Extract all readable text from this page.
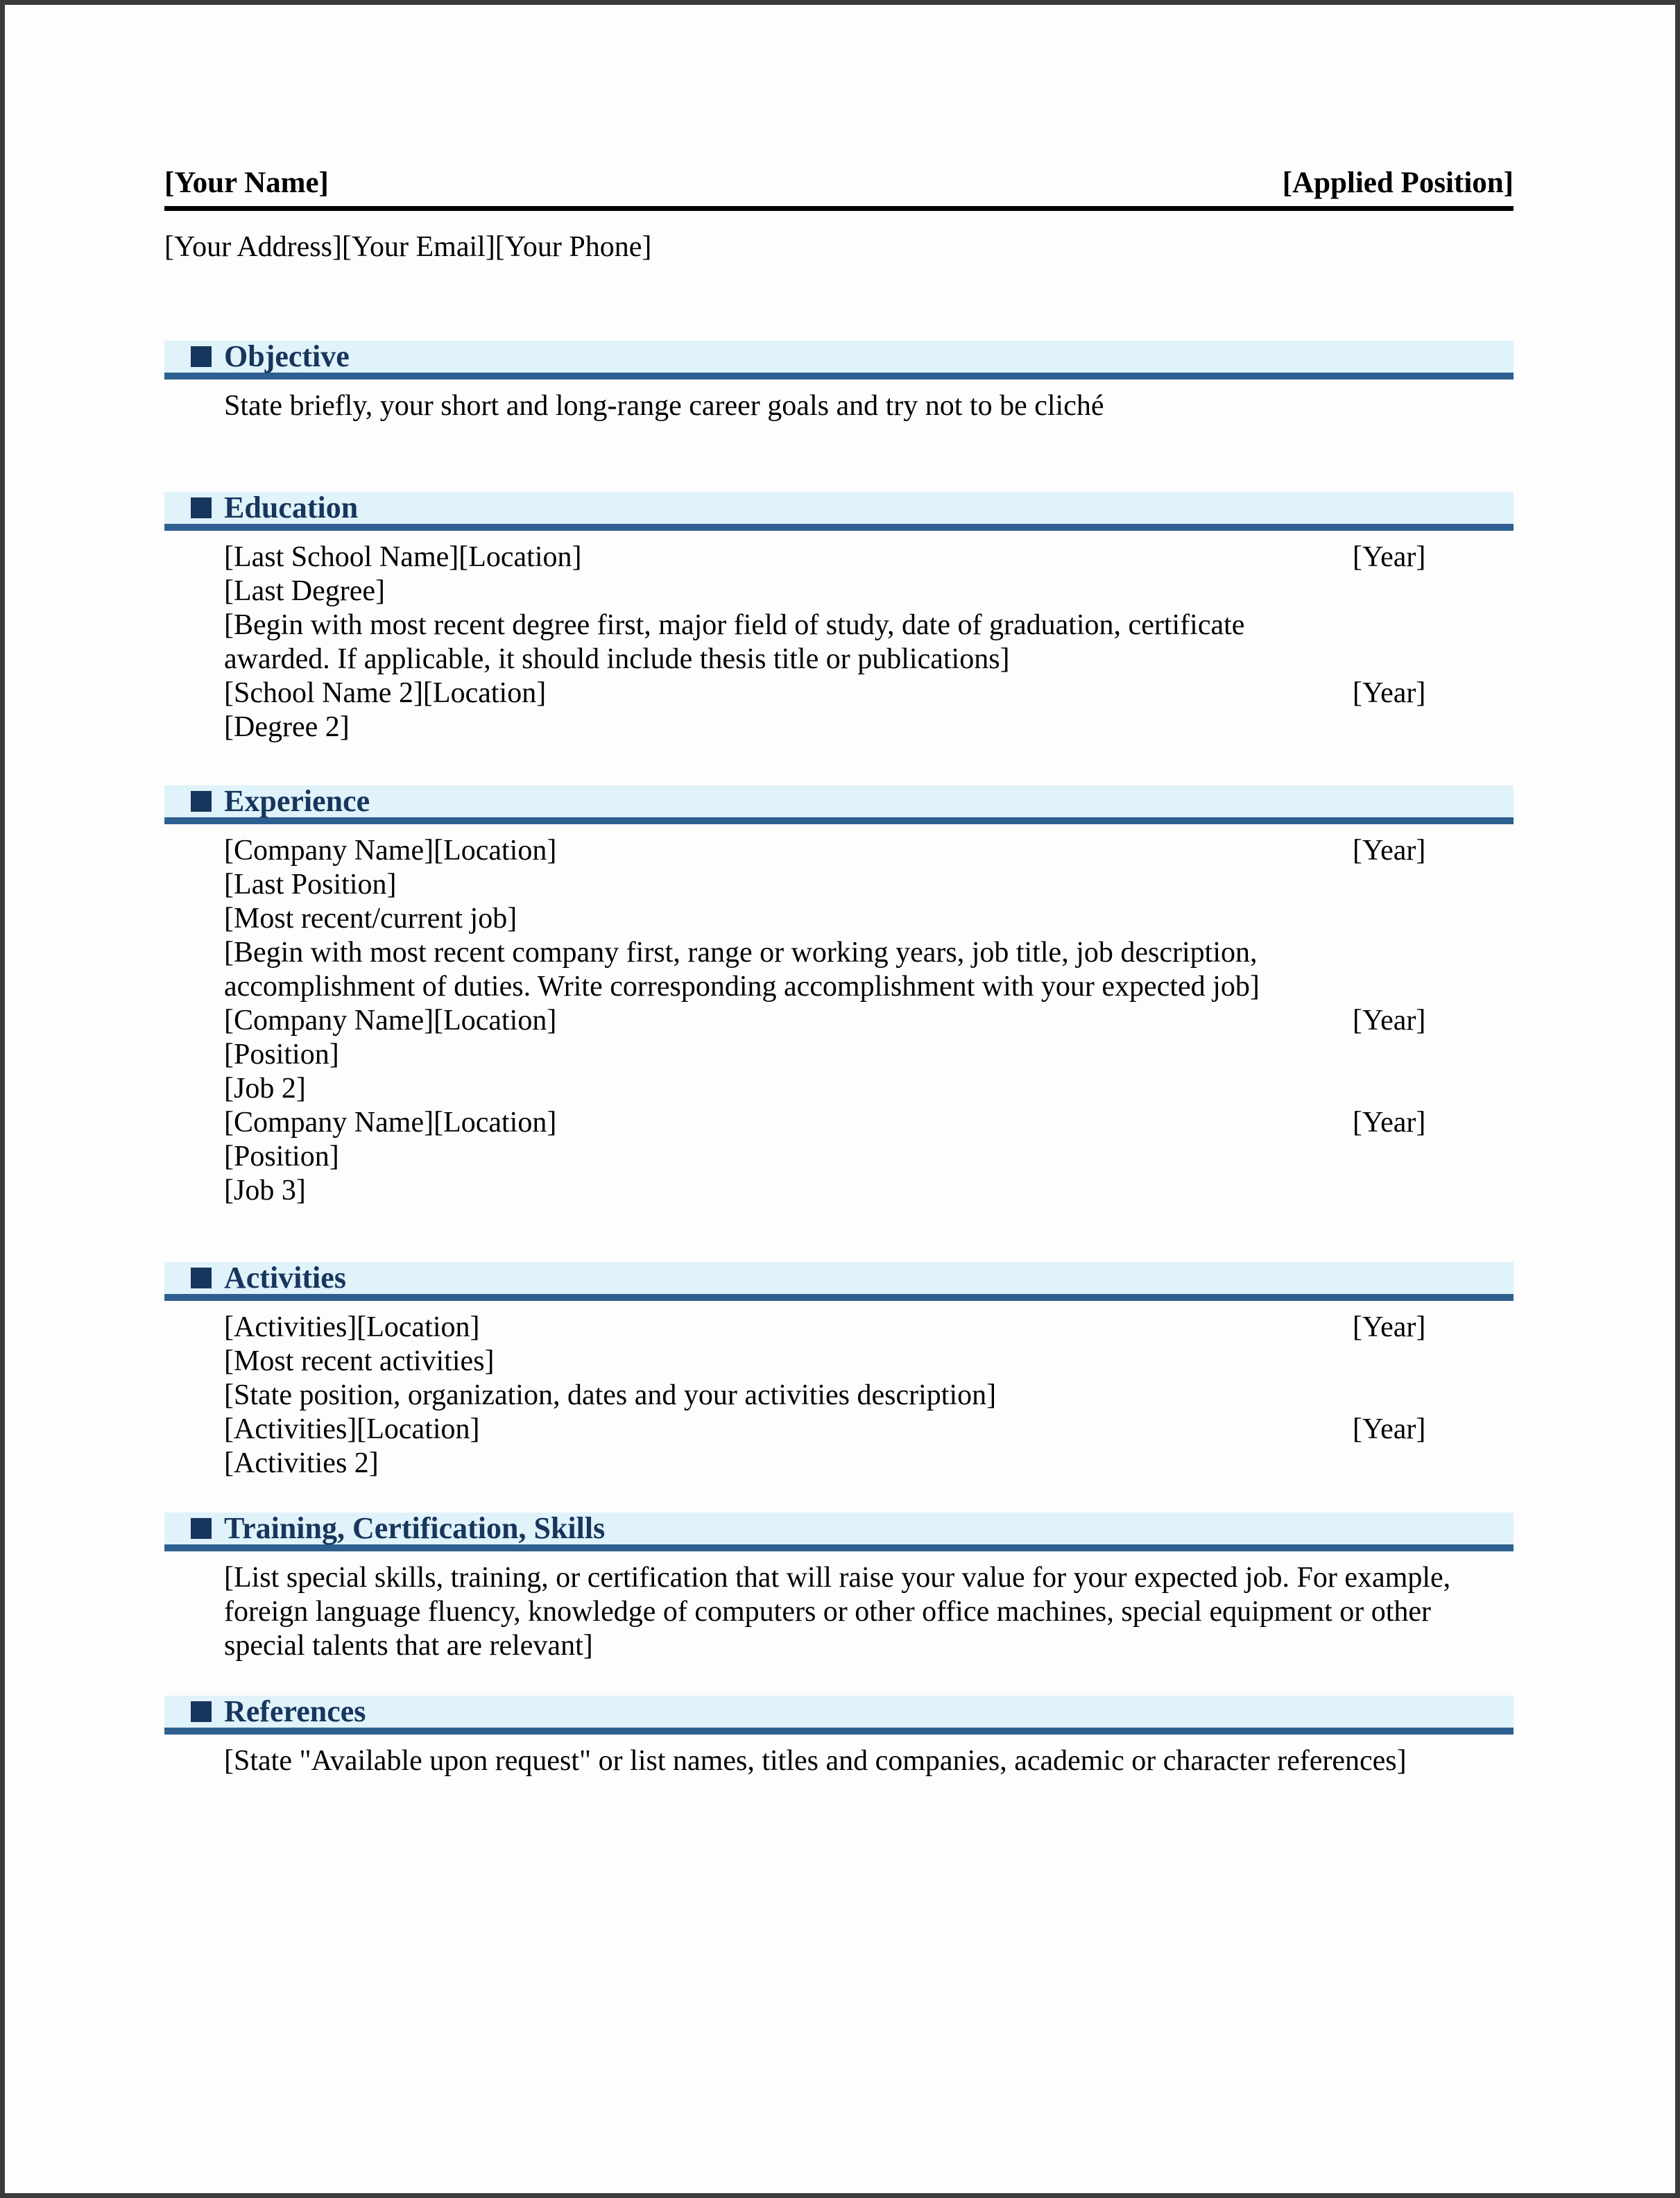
[Your Name]	[Applied Position]
[Your Address][Your Email][Your Phone]
Objective
State briefly, your short and long-range career goals and try not to be cliché
Education
[Last School Name][Location]	[Year]
[Last Degree]
[Begin with most recent degree first, major field of study, date of graduation, certificate
awarded. If applicable, it should include thesis title or publications]
[School Name 2][Location]	[Year]
[Degree 2]
Experience
[Company Name][Location]	[Year]
[Last Position]
[Most recent/current job]
[Begin with most recent company first, range or working years, job title, job description,
accomplishment of duties. Write corresponding accomplishment with your expected job]
[Company Name][Location]	[Year]
[Position]
[Job 2]
[Company Name][Location]	[Year]
[Position]
[Job 3]
Activities
[Activities][Location]	[Year]
[Most recent activities]
[State position, organization, dates and your activities description]
[Activities][Location]	[Year]
[Activities 2]
Training, Certification, Skills
[List special skills, training, or certification that will raise your value for your expected job. For example,
foreign language fluency, knowledge of computers or other office machines, special equipment or other
special talents that are relevant]
References
[State "Available upon request" or list names, titles and companies, academic or character references]
